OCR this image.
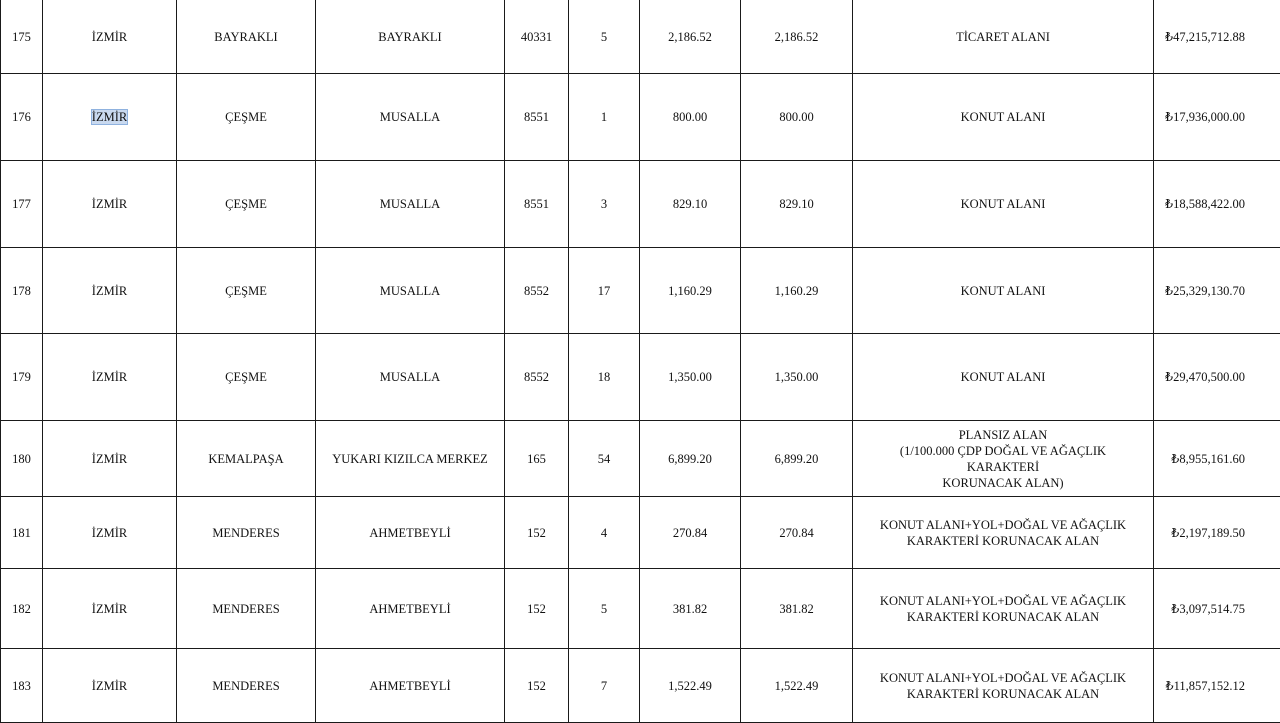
175	İZMİR	BAYRAKLI	BAYRAKLI	40331	5	2,186.52	2,186.52	TİCARET ALANI	₺47,215,712.88
176	İZMİR	ÇEŞME	MUSALLA	8551	1	800.00	800.00	KONUT ALANI	₺17,936,000.00
177	İZMİR	ÇEŞME	MUSALLA	8551	3	829.10	829.10	KONUT ALANI	₺18,588,422.00
178	İZMİR	ÇEŞME	MUSALLA	8552	17	1,160.29	1,160.29	KONUT ALANI	₺25,329,130.70
179	İZMİR	ÇEŞME	MUSALLA	8552	18	1,350.00	1,350.00	KONUT ALANI	₺29,470,500.00
180	İZMİR	KEMALPAŞA	YUKARI KIZILCA MERKEZ	165	54	6,899.20	6,899.20	PLANSIZ ALAN
(1/100.000 ÇDP DOĞAL VE AĞAÇLIK KARAKTERİ
KORUNACAK ALAN)	₺8,955,161.60
181	İZMİR	MENDERES	AHMETBEYLİ	152	4	270.84	270.84	KONUT ALANI+YOL+DOĞAL VE AĞAÇLIK
KARAKTERİ KORUNACAK ALAN	₺2,197,189.50
182	İZMİR	MENDERES	AHMETBEYLİ	152	5	381.82	381.82	KONUT ALANI+YOL+DOĞAL VE AĞAÇLIK
KARAKTERİ KORUNACAK ALAN	₺3,097,514.75
183	İZMİR	MENDERES	AHMETBEYLİ	152	7	1,522.49	1,522.49	KONUT ALANI+YOL+DOĞAL VE AĞAÇLIK
KARAKTERİ KORUNACAK ALAN	₺11,857,152.12
